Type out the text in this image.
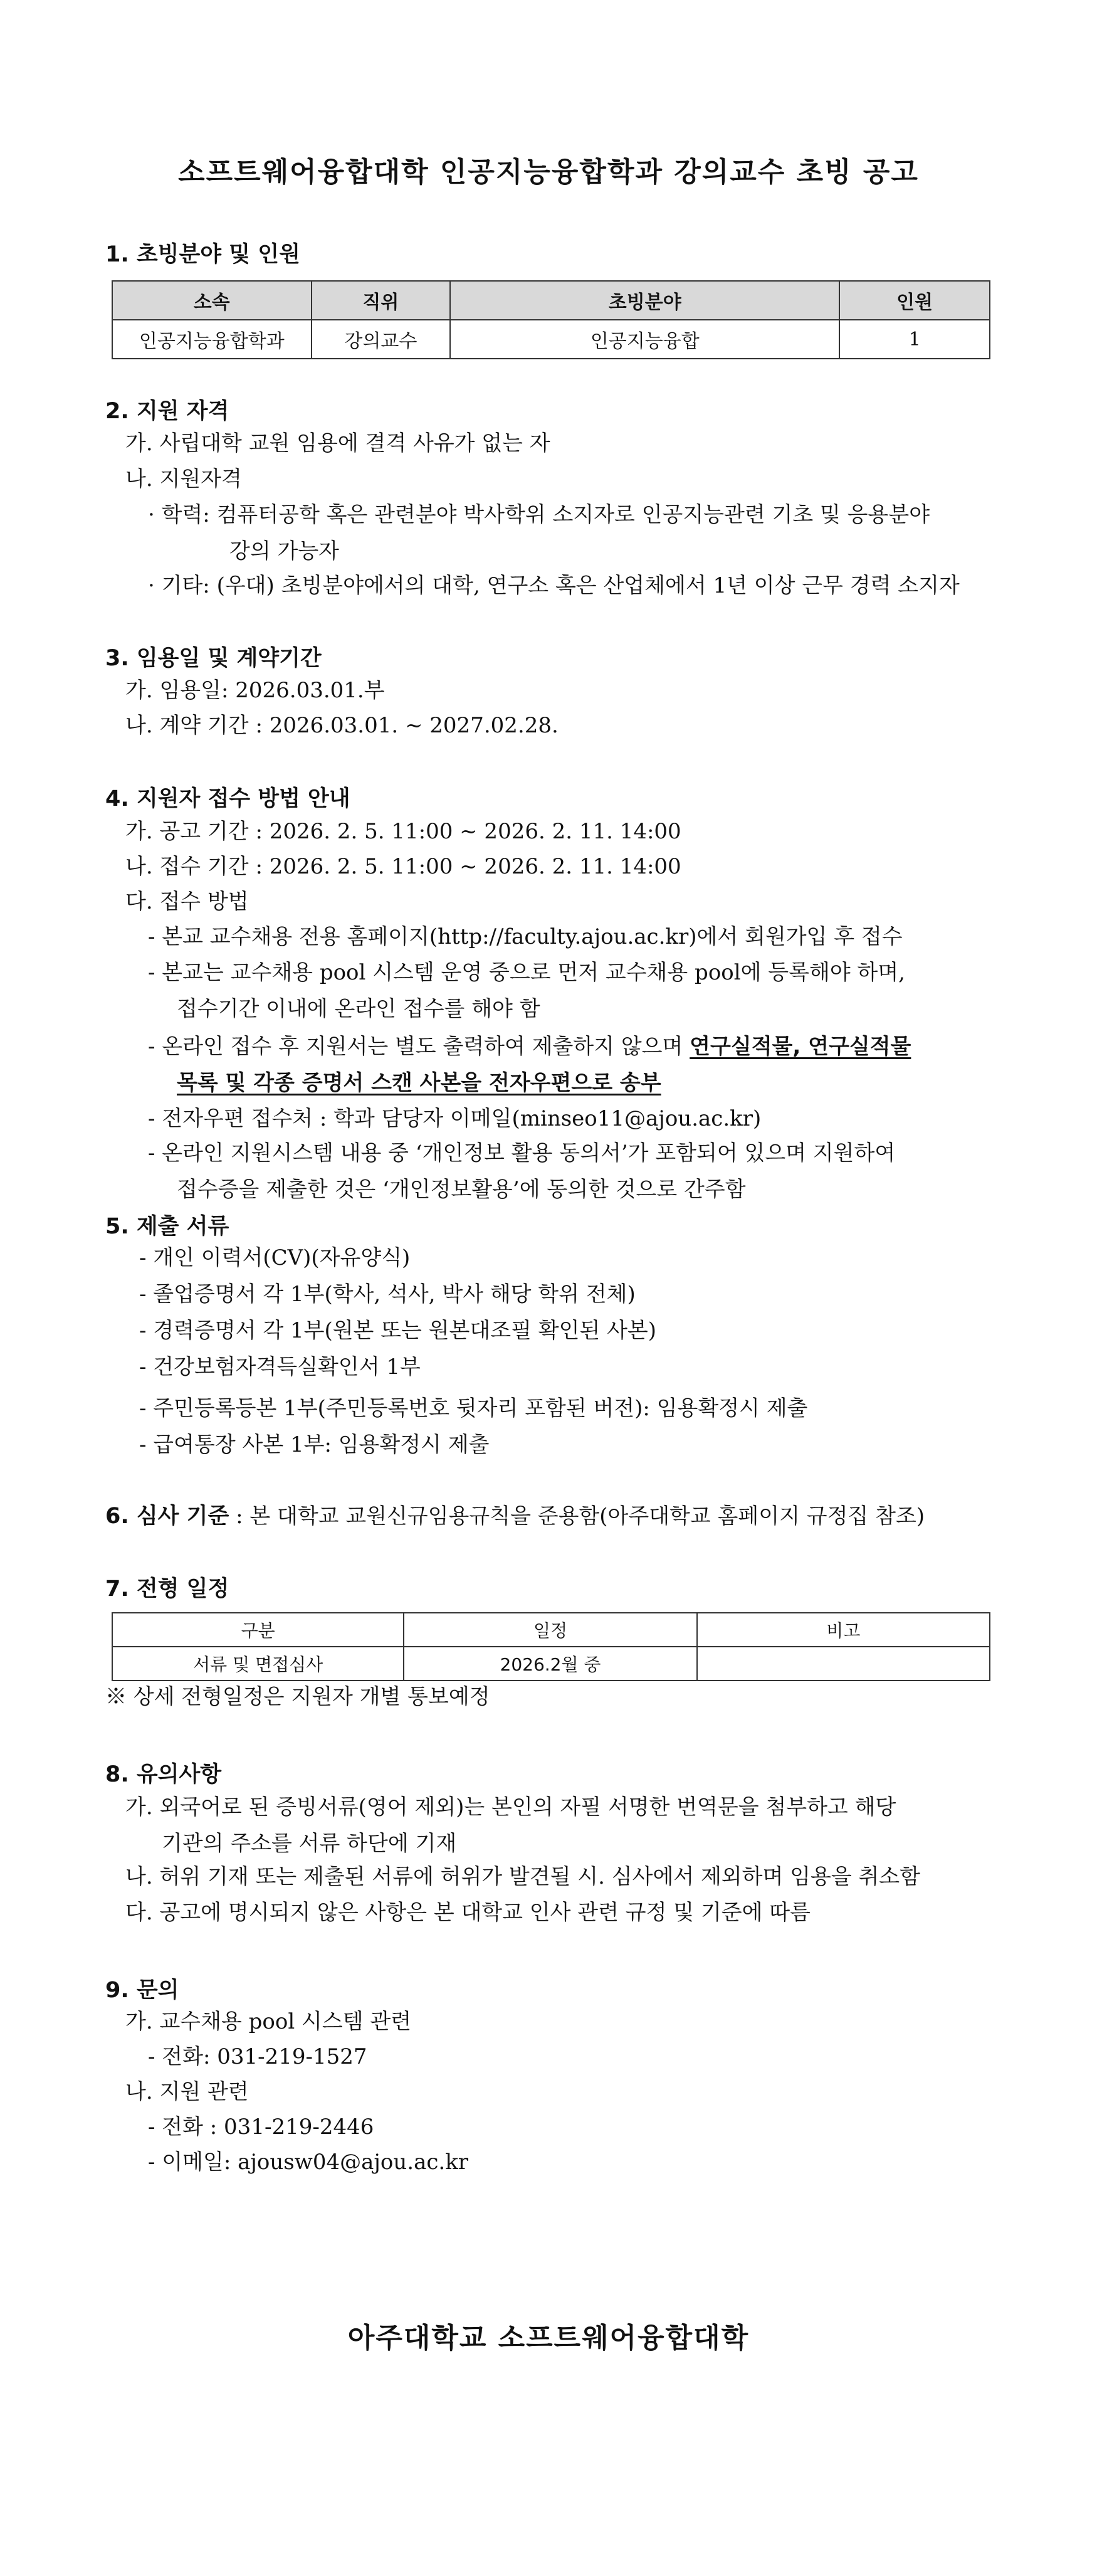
소프트웨어융합대학 인공지능융합학과 강의교수 초빙 공고
1. 초빙분야 및 인원
소속	직위	초빙분야	인원
인공지능융합학과	강의교수	인공지능융합	1
2. 지원 자격
가. 사립대학 교원 임용에 결격 사유가 없는 자
나. 지원자격
· 학력: 컴퓨터공학 혹은 관련분야 박사학위 소지자로 인공지능관련 기초 및 응용분야
강의 가능자
· 기타: (우대) 초빙분야에서의 대학, 연구소 혹은 산업체에서 1년 이상 근무 경력 소지자
3. 임용일 및 계약기간
가. 임용일: 2026.03.01.부
나. 계약 기간 : 2026.03.01. ~ 2027.02.28.
4. 지원자 접수 방법 안내
가. 공고 기간 : 2026. 2. 5. 11:00 ~ 2026. 2. 11. 14:00
나. 접수 기간 : 2026. 2. 5. 11:00 ~ 2026. 2. 11. 14:00
다. 접수 방법
- 본교 교수채용 전용 홈페이지(http://faculty.ajou.ac.kr)에서 회원가입 후 접수
- 본교는 교수채용 pool 시스템 운영 중으로 먼저 교수채용 pool에 등록해야 하며,
접수기간 이내에 온라인 접수를 해야 함
- 온라인 접수 후 지원서는 별도 출력하여 제출하지 않으며 연구실적물, 연구실적물
목록 및 각종 증명서 스캔 사본을 전자우편으로 송부
- 전자우편 접수처 : 학과 담당자 이메일(minseo11@ajou.ac.kr)
- 온라인 지원시스템 내용 중 ‘개인정보 활용 동의서’가 포함되어 있으며 지원하여
접수증을 제출한 것은 ‘개인정보활용’에 동의한 것으로 간주함
5. 제출 서류
- 개인 이력서(CV)(자유양식)
- 졸업증명서 각 1부(학사, 석사, 박사 해당 학위 전체)
- 경력증명서 각 1부(원본 또는 원본대조필 확인된 사본)
- 건강보험자격득실확인서 1부
- 주민등록등본 1부(주민등록번호 뒷자리 포함된 버전): 임용확정시 제출
- 급여통장 사본 1부: 임용확정시 제출
6. 심사 기준 : 본 대학교 교원신규임용규칙을 준용함(아주대학교 홈페이지 규정집 참조)
7. 전형 일정
구분	일정	비고
서류 및 면접심사	2026.2월 중	
※ 상세 전형일정은 지원자 개별 통보예정
8. 유의사항
가. 외국어로 된 증빙서류(영어 제외)는 본인의 자필 서명한 번역문을 첨부하고 해당
기관의 주소를 서류 하단에 기재
나. 허위 기재 또는 제출된 서류에 허위가 발견될 시. 심사에서 제외하며 임용을 취소함
다. 공고에 명시되지 않은 사항은 본 대학교 인사 관련 규정 및 기준에 따름
9. 문의
가. 교수채용 pool 시스템 관련
- 전화: 031-219-1527
나. 지원 관련
- 전화 : 031-219-2446
- 이메일: ajousw04@ajou.ac.kr
아주대학교 소프트웨어융합대학
